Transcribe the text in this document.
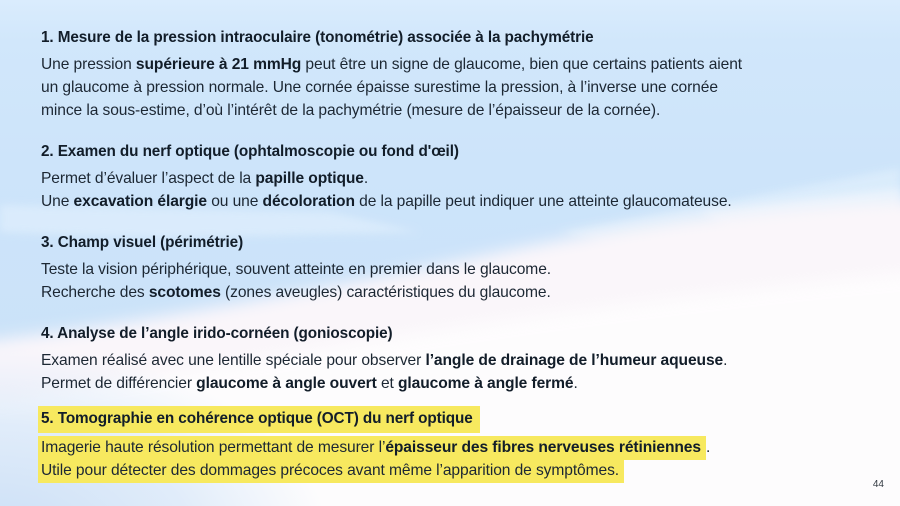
1. Mesure de la pression intraoculaire (tonométrie) associée à la pachymétrie

Une pression supérieure à 21 mmHg peut être un signe de glaucome, bien que certains patients aient

un glaucome à pression normale. Une cornée épaisse surestime la pression, à l’inverse une cornée

mince la sous-estime, d’où l’intérêt de la pachymétrie (mesure de l’épaisseur de la cornée).

2. Examen du nerf optique (ophtalmoscopie ou fond d'œil)

Permet d’évaluer l’aspect de la papille optique.

Une excavation élargie ou une décoloration de la papille peut indiquer une atteinte glaucomateuse.

3. Champ visuel (périmétrie)

Teste la vision périphérique, souvent atteinte en premier dans le glaucome.

Recherche des scotomes (zones aveugles) caractéristiques du glaucome.

4. Analyse de l’angle irido-cornéen (gonioscopie)

Examen réalisé avec une lentille spéciale pour observer l’angle de drainage de l’humeur aqueuse.

Permet de différencier glaucome à angle ouvert et glaucome à angle fermé.

5. Tomographie en cohérence optique (OCT) du nerf optique

Imagerie haute résolution permettant de mesurer l’épaisseur des fibres nerveuses rétiniennes .

Utile pour détecter des dommages précoces avant même l’apparition de symptômes.

44
